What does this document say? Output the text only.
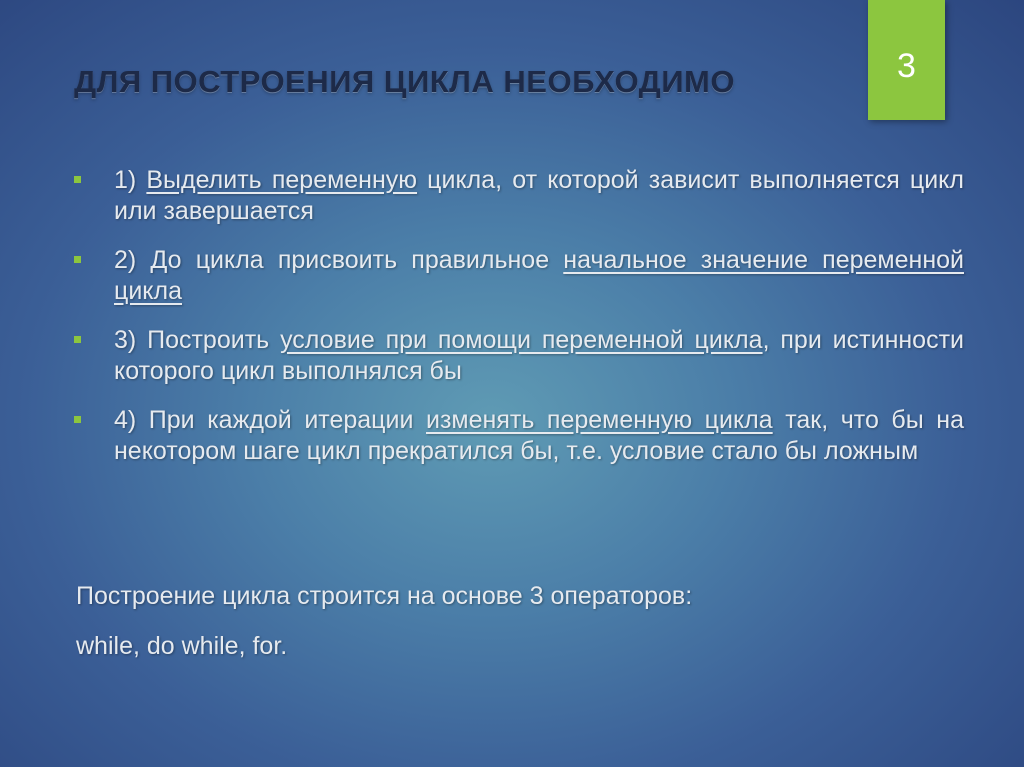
ДЛЯ ПОСТРОЕНИЯ ЦИКЛА НЕОБХОДИМО	3
1) Выделить переменную цикла, от которой зависит выполняется цикл или завершается
2) До цикла присвоить правильное начальное значение переменной цикла
3) Построить условие при помощи переменной цикла, при истинности которого цикл выполнялся бы
4) При каждой итерации изменять переменную цикла так, что бы на некотором шаге цикл прекратился бы, т.е. условие стало бы ложным

Построение цикла строится на основе 3 операторов:

while, do while, for.
